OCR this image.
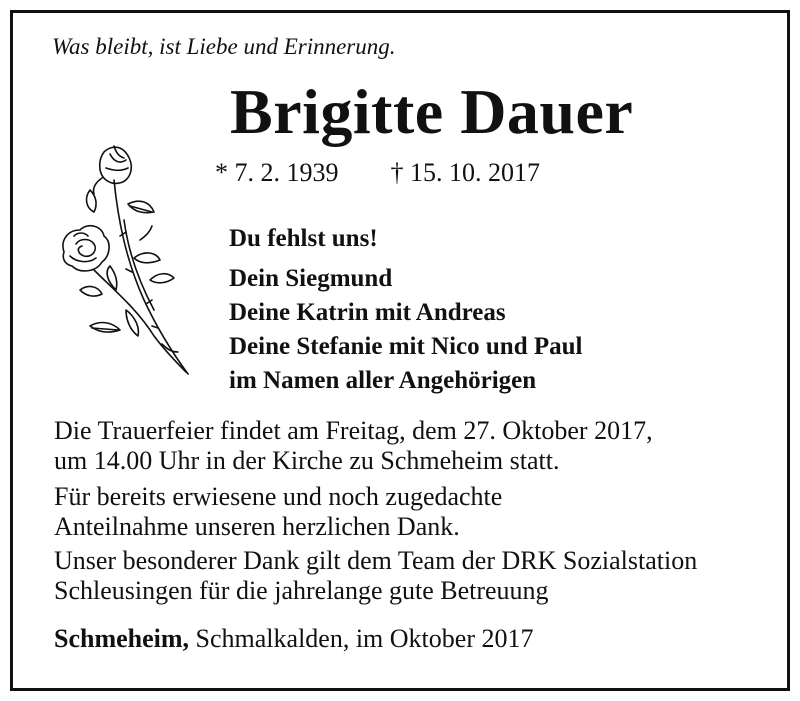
Was bleibt, ist Liebe und Erinnerung.
Brigitte Dauer
* 7. 2. 1939 † 15. 10. 2017
Du fehlst uns!
Dein Siegmund
Deine Katrin mit Andreas
Deine Stefanie mit Nico und Paul
im Namen aller Angehörigen
Die Trauerfeier findet am Freitag, dem 27. Oktober 2017,
um 14.00 Uhr in der Kirche zu Schmeheim statt.
Für bereits erwiesene und noch zugedachte
Anteilnahme unseren herzlichen Dank.
Unser besonderer Dank gilt dem Team der DRK Sozialstation
Schleusingen für die jahrelange gute Betreuung
Schmeheim, Schmalkalden, im Oktober 2017
